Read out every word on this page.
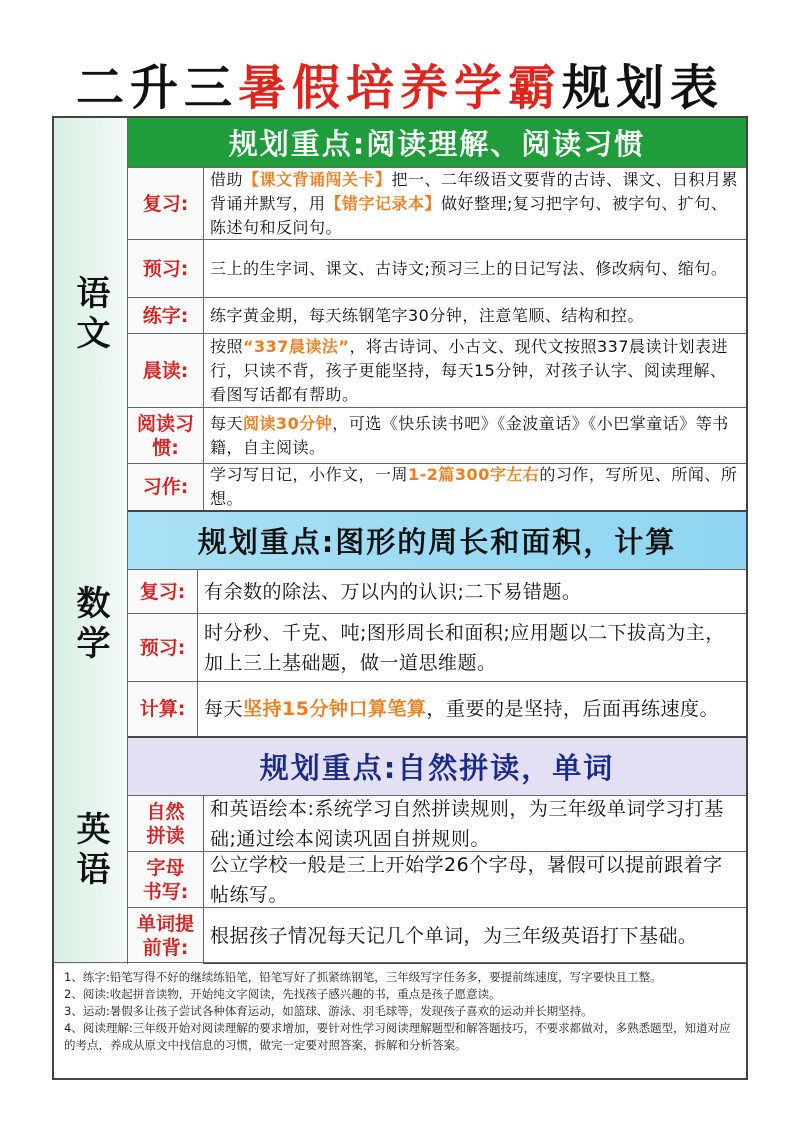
二升三暑假培养学霸规划表
语文
规划重点:阅读理解、阅读习惯
复习:
借助【课文背诵闯关卡】把一、二年级语文要背的古诗、课文、日积月累背诵并默写，用【错字记录本】做好整理;复习把字句、被字句、扩句、陈述句和反问句。
预习:	三上的生字词、课文、古诗文;预习三上的日记写法、修改病句、缩句。
练字:	练字黄金期，每天练钢笔字30分钟，注意笔顺、结构和控。
晨读:
按照“337晨读法”，将古诗词、小古文、现代文按照337晨读计划表进行，只读不背，孩子更能坚持，每天15分钟，对孩子认字、阅读理解、看图写话都有帮助。
阅读习惯:
每天阅读30分钟，可选《快乐读书吧》《金波童话》《小巴掌童话》等书籍，自主阅读。
习作:
学习写日记，小作文，一周1-2篇300字左右的习作，写所见、所闻、所想。
数学
规划重点:图形的周长和面积，计算
复习: 有余数的除法、万以内的认识;二下易错题。
预习:
时分秒、千克、吨;图形周长和面积;应用题以二下拔高为主，加上三上基础题，做一道思维题。
计算: 每天坚持15分钟口算笔算，重要的是坚持，后面再练速度。
英语
规划重点:自然拼读，单词
自然拼读
和英语绘本:系统学习自然拼读规则，为三年级单词学习打基础;通过绘本阅读巩固自拼规则。
字母书写:
公立学校一般是三上开始学26个字母，暑假可以提前跟着字帖练写。
单词提前背:
根据孩子情况每天记几个单词，为三年级英语打下基础。

1、练字:铅笔写得不好的继续练铅笔，铅笔写好了抓紧练钢笔，三年级写字任务多，要提前练速度，写字要快且工整。

2、阅读:收起拼音读物，开始纯文字阅读，先找孩子感兴趣的书，重点是孩子愿意读。

3、运动:暑假多让孩子尝试各种体育运动，如篮球、游泳、羽毛球等，发现孩子喜欢的运动并长期坚持。

4、阅读理解:三年级开始对阅读理解的要求增加，要针对性学习阅读理解题型和解答题技巧，不要求都做对，多熟悉题型，知道对应的考点，养成从原文中找信息的习惯，做完一定要对照答案，拆解和分析答案。
